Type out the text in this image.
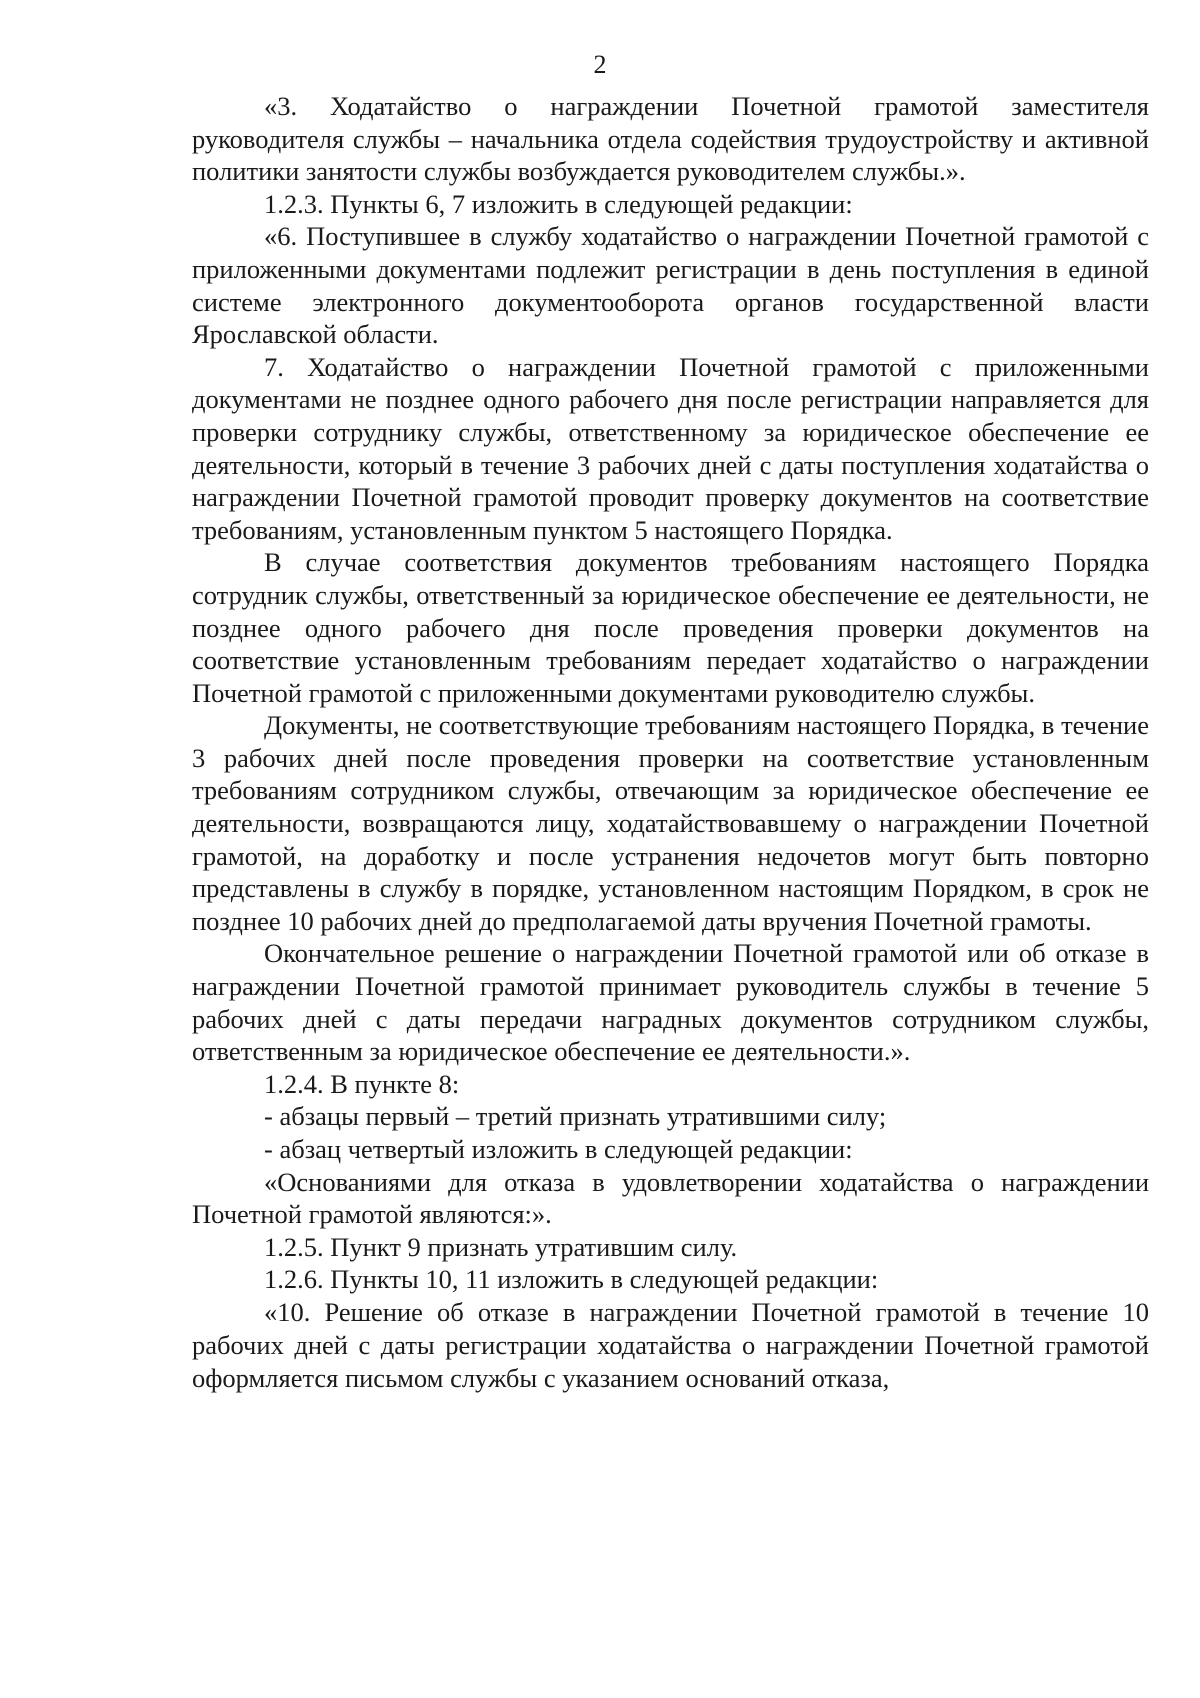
2

«3. Ходатайство о награждении Почетной грамотой заместителя руководителя службы – начальника отдела содействия трудоустройству и активной политики занятости службы возбуждается руководителем службы.».

1.2.3. Пункты 6, 7 изложить в следующей редакции:

«6. Поступившее в службу ходатайство о награждении Почетной грамотой с приложенными документами подлежит регистрации в день поступления в единой системе электронного документооборота органов государственной власти Ярославской области.

7. Ходатайство о награждении Почетной грамотой с приложенными документами не позднее одного рабочего дня после регистрации направляется для проверки сотруднику службы, ответственному за юридическое обеспечение ее деятельности, который в течение 3 рабочих дней с даты поступления ходатайства о награждении Почетной грамотой проводит проверку документов на соответствие требованиям, установленным пунктом 5 настоящего Порядка.

В случае соответствия документов требованиям настоящего Порядка сотрудник службы, ответственный за юридическое обеспечение ее деятельности, не позднее одного рабочего дня после проведения проверки документов на соответствие установленным требованиям передает ходатайство о награждении Почетной грамотой с приложенными документами руководителю службы.

Документы, не соответствующие требованиям настоящего Порядка, в течение 3 рабочих дней после проведения проверки на соответствие установленным требованиям сотрудником службы, отвечающим за юридическое обеспечение ее деятельности, возвращаются лицу, ходатайствовавшему о награждении Почетной грамотой, на доработку и после устранения недочетов могут быть повторно представлены в службу в порядке, установленном настоящим Порядком, в срок не позднее 10 рабочих дней до предполагаемой даты вручения Почетной грамоты.

Окончательное решение о награждении Почетной грамотой или об отказе в награждении Почетной грамотой принимает руководитель службы в течение 5 рабочих дней с даты передачи наградных документов сотрудником службы, ответственным за юридическое обеспечение ее деятельности.».

1.2.4. В пункте 8:

- абзацы первый – третий признать утратившими силу;

- абзац четвертый изложить в следующей редакции:

«Основаниями для отказа в удовлетворении ходатайства о награждении Почетной грамотой являются:».

1.2.5. Пункт 9 признать утратившим силу.

1.2.6. Пункты 10, 11 изложить в следующей редакции:

«10. Решение об отказе в награждении Почетной грамотой в течение 10 рабочих дней с даты регистрации ходатайства о награждении Почетной грамотой оформляется письмом службы с указанием оснований отказа,
